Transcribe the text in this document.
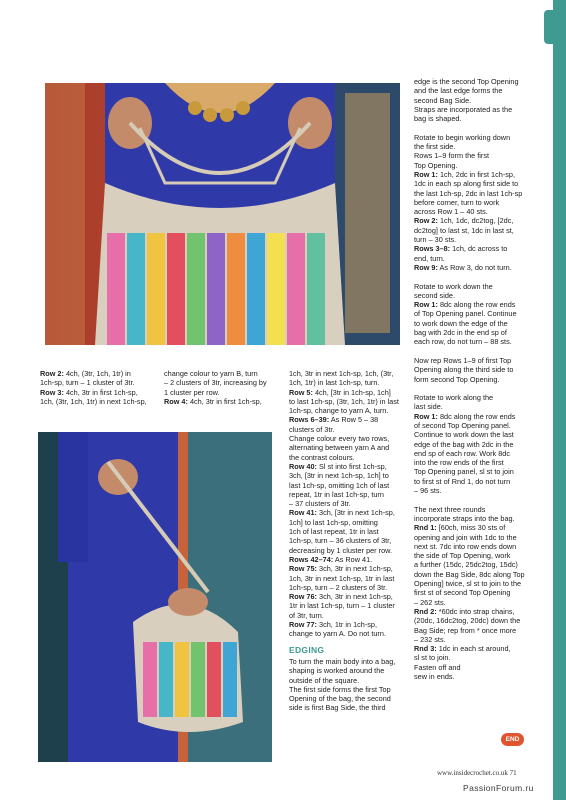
Row 2: 4ch, (3tr, 1ch, 1tr) in
1ch-sp, turn – 1 cluster of 3tr.
Row 3: 4ch, 3tr in first 1ch-sp,
1ch, (3tr, 1ch, 1tr) in next 1ch-sp,

change colour to yarn B, turn
– 2 clusters of 3tr, increasing by
1 cluster per row.
Row 4: 4ch, 3tr in first 1ch-sp,

1ch, 3tr in next 1ch-sp, 1ch, (3tr,
1ch, 1tr) in last 1ch-sp, turn.
Row 5: 4ch, [3tr in 1ch-sp, 1ch]
to last 1ch-sp, (3tr, 1ch, 1tr) in last
1ch-sp, change to yarn A, turn.
Rows 6–39: As Row 5 – 38
clusters of 3tr.
Change colour every two rows,
alternating between yarn A and
the contrast colours.
Row 40: Sl st into first 1ch-sp,
3ch, [3tr in next 1ch-sp, 1ch] to
last 1ch-sp, omitting 1ch of last
repeat, 1tr in last 1ch-sp, turn
– 37 clusters of 3tr.
Row 41: 3ch, [3tr in next 1ch-sp,
1ch] to last 1ch-sp, omitting
1ch of last repeat, 1tr in last
1ch-sp, turn – 36 clusters of 3tr,
decreasing by 1 cluster per row.
Rows 42–74: As Row 41.
Row 75: 3ch, 3tr in next 1ch-sp,
1ch, 3tr in next 1ch-sp, 1tr in last
1ch-sp, turn – 2 clusters of 3tr.
Row 76: 3ch, 3tr in next 1ch-sp,
1tr in last 1ch-sp, turn – 1 cluster
of 3tr, turn.
Row 77: 3ch, 1tr in 1ch-sp,
change to yarn A. Do not turn.

EDGING

To turn the main body into a bag,
shaping is worked around the
outside of the square.
The first side forms the first Top
Opening of the bag, the second
side is first Bag Side, the third

edge is the second Top Opening
and the last edge forms the
second Bag Side.
Straps are incorporated as the
bag is shaped.

Rotate to begin working down
the first side.
Rows 1–9 form the first
Top Opening.
Row 1: 1ch, 2dc in first 1ch-sp,
1dc in each sp along first side to
the last 1ch-sp, 2dc in last 1ch-sp
before corner, turn to work
across Row 1 – 40 sts.
Row 2: 1ch, 1dc, dc2tog, [2dc,
dc2tog] to last st, 1dc in last st,
turn – 30 sts.
Rows 3–8: 1ch, dc across to
end, turn.
Row 9: As Row 3, do not turn.

Rotate to work down the
second side.
Row 1: 8dc along the row ends
of Top Opening panel. Continue
to work down the edge of the
bag with 2dc in the end sp of
each row, do not turn – 88 sts.

Now rep Rows 1–9 of first Top
Opening along the third side to
form second Top Opening.

Rotate to work along the
last side.
Row 1: 8dc along the row ends
of second Top Opening panel.
Continue to work down the last
edge of the bag with 2dc in the
end sp of each row. Work 8dc
into the row ends of the first
Top Opening panel, sl st to join
to first st of Rnd 1, do not turn
– 96 sts.

The next three rounds
incorporate straps into the bag.
Rnd 1: [60ch, miss 30 sts of
opening and join with 1dc to the
next st. 7dc into row ends down
the side of Top Opening, work
a further (15dc, 25dc2tog, 15dc)
down the Bag Side, 8dc along Top
Opening] twice, sl st to join to the
first st of second Top Opening
– 262 sts.
Rnd 2: *60dc into strap chains,
(20dc, 16dc2tog, 20dc) down the
Bag Side; rep from * once more
– 232 sts.
Rnd 3: 1dc in each st around,
sl st to join.
Fasten off and
sew in ends.

END
www.insidecrochet.co.uk 71
PassionForum.ru
